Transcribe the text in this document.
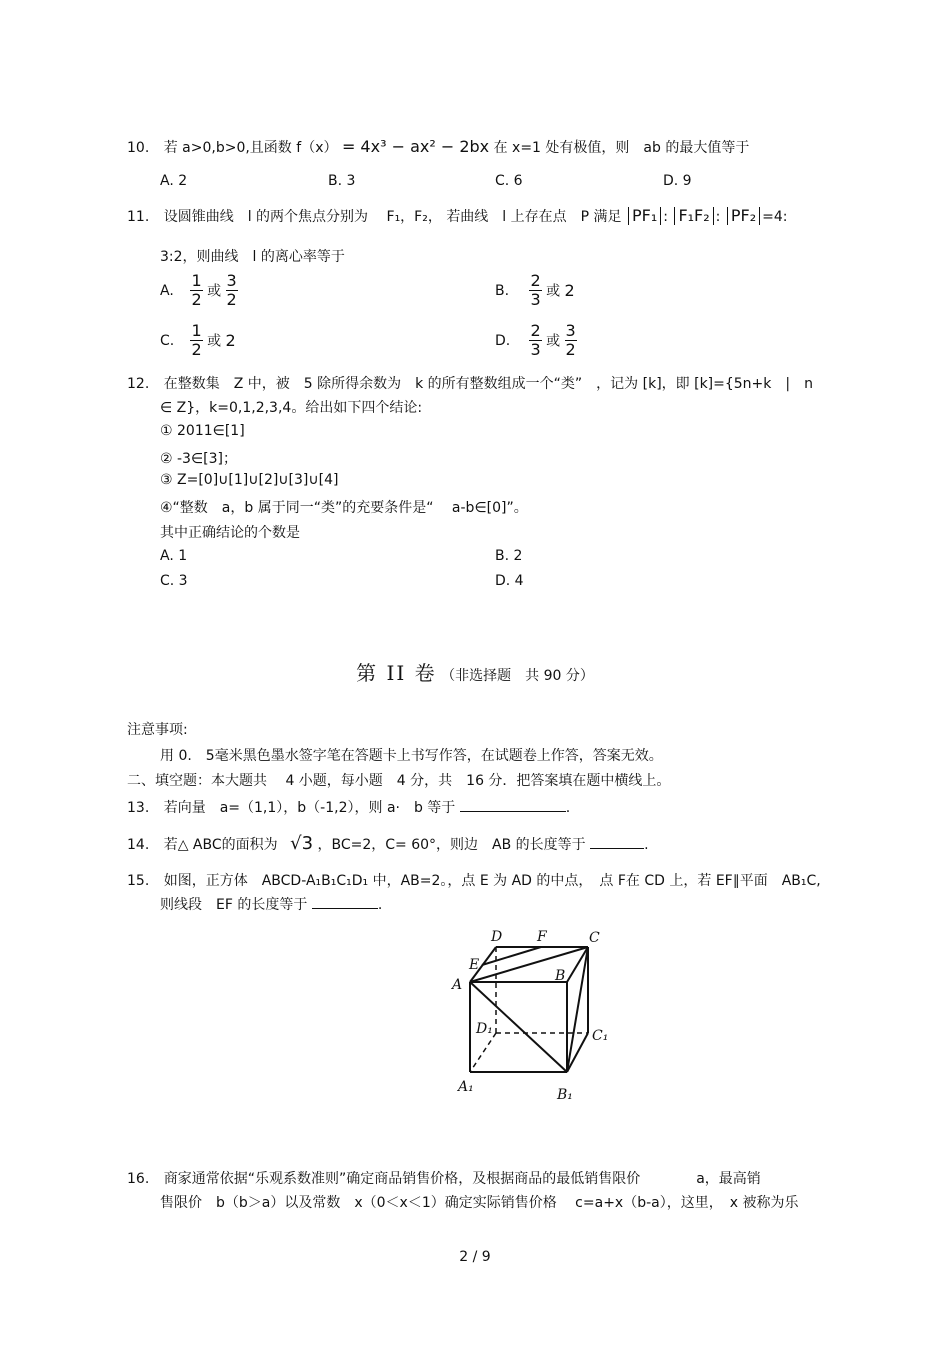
10. 若 a>0,b>0,且函数 f（x） = 4x³ − ax² − 2bx 在 x=1 处有极值，则　ab 的最大值等于
A. 2	B. 3	C. 6	D. 9
11. 设圆锥曲线　l 的两个焦点分别为 F₁，F₂， 若曲线　l 上存在点　P 满足 PF₁ : F₁F₂ : PF₂ =4:
3:2，则曲线　l 的离心率等于
A. $\frac{1}{2}$ 或 $\frac{3}{2}$	B. $\frac{2}{3}$ 或 2
C. $\frac{1}{2}$ 或 2	D. $\frac{2}{3}$ 或 $\frac{3}{2}$
12. 在整数集　Z 中，被　5 除所得余数为　k 的所有整数组成一个“类”　，记为 [k]，即 [k]={5n+k　|　n
∈ Z}，k=0,1,2,3,4。给出如下四个结论:
① 2011∈[1]
② -3∈[3]；
③ Z=[0]∪[1]∪[2]∪[3]∪[4]
④“整数　a，b 属于同一“类”的充要条件是“　 a-b∈[0]”。
其中正确结论的个数是
A. 1	B. 2
C. 3	D. 4
第 II 卷 （非选择题　共 90 分）
注意事项:
用 0.　5毫米黑色墨水签字笔在答题卡上书写作答，在试题卷上作答，答案无效。
二、填空题：本大题共　 4 小题，每小题　4 分，共　16 分．把答案填在题中横线上。
13. 若向量　a=（1,1），b（-1,2），则 a·　b 等于	.
14. 若△ ABC的面积为 √3 ，BC=2，C= 60°，则边　AB 的长度等于	.
15. 如图，正方体　ABCD-A₁B₁C₁D₁ 中，AB=2。，点 E 为 AD 的中点，　点 F在 CD 上，若 EF∥平面　AB₁C,
则线段　EF 的长度等于	.
D F	C
E
B
A
D₁	C₁
A₁	B₁
16. 商家通常依据“乐观系数准则”确定商品销售价格，及根据商品的最低销售限价　　　　a，最高销
售限价　b（b＞a）以及常数　x（0＜x＜1）确定实际销售价格　 c=a+x（b-a），这里，　x 被称为乐
2 / 9
